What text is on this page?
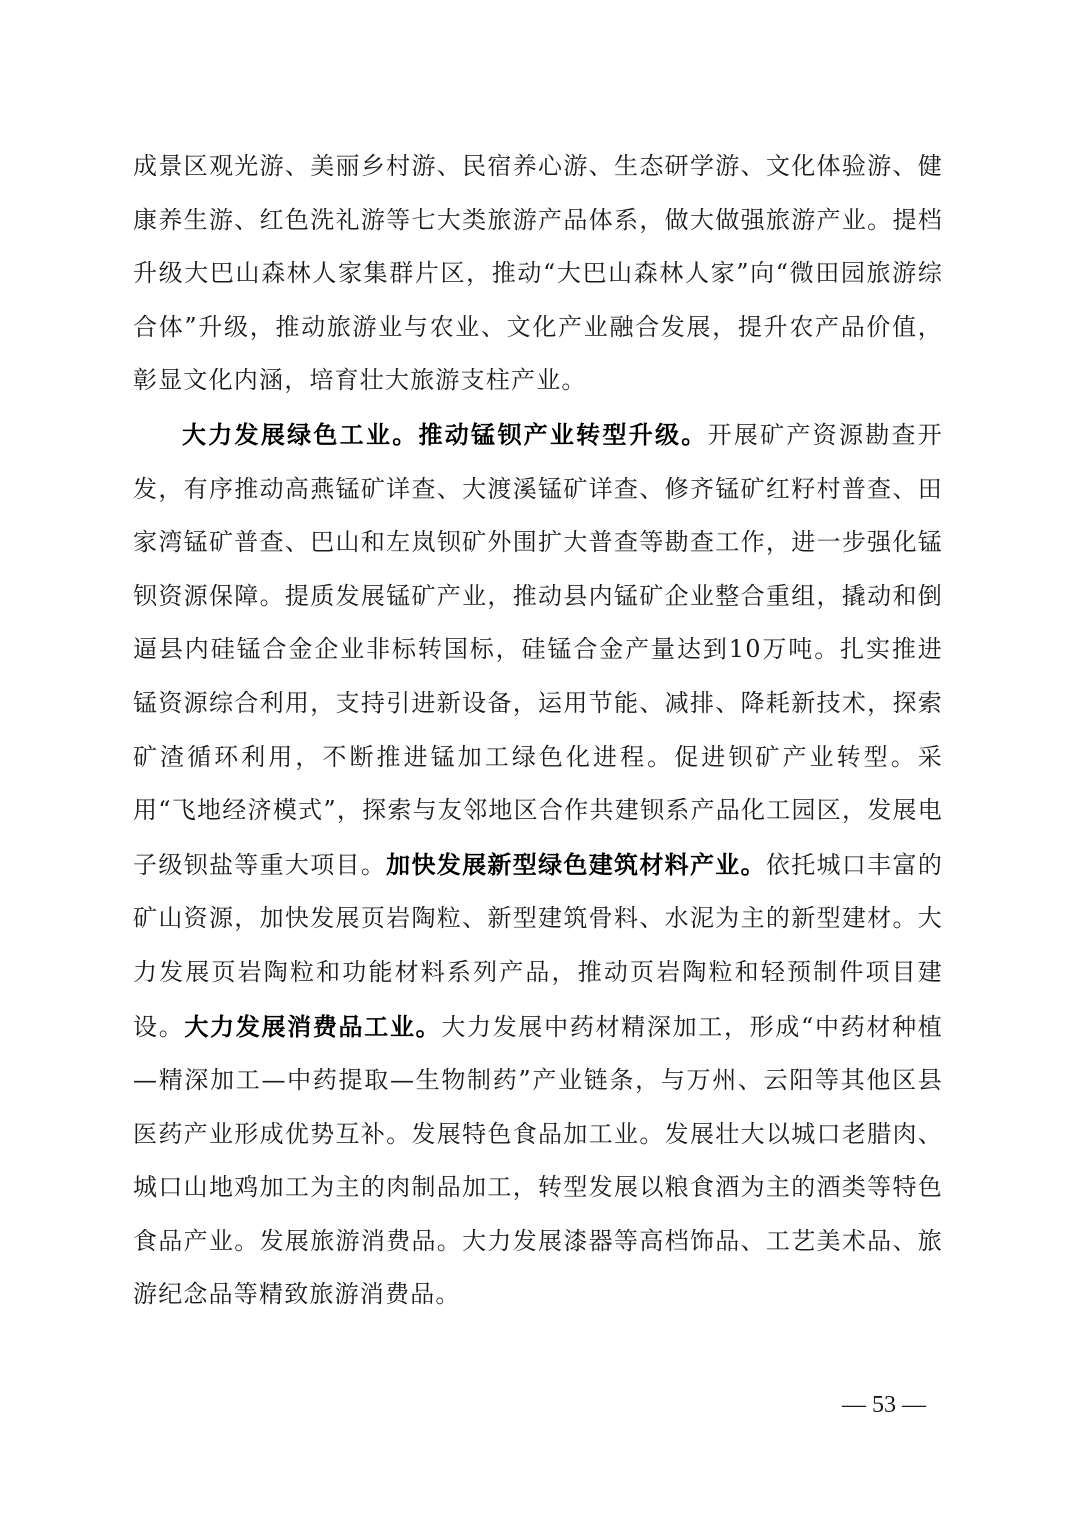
成景区观光游、美丽乡村游、民宿养心游、生态研学游、文化体验游、健康养生游、红色洗礼游等七大类旅游产品体系，做大做强旅游产业。提档升级大巴山森林人家集群片区，推动“大巴山森林人家”向“微田园旅游综合体”升级，推动旅游业与农业、文化产业融合发展，提升农产品价值，彰显文化内涵，培育壮大旅游支柱产业。

大力发展绿色工业。推动锰钡产业转型升级。开展矿产资源勘查开发，有序推动高燕锰矿详查、大渡溪锰矿详查、修齐锰矿红籽村普查、田家湾锰矿普查、巴山和左岚钡矿外围扩大普查等勘查工作，进一步强化锰钡资源保障。提质发展锰矿产业，推动县内锰矿企业整合重组，撬动和倒逼县内硅锰合金企业非标转国标，硅锰合金产量达到10万吨。扎实推进锰资源综合利用，支持引进新设备，运用节能、减排、降耗新技术，探索矿渣循环利用，不断推进锰加工绿色化进程。促进钡矿产业转型。采用“飞地经济模式”，探索与友邻地区合作共建钡系产品化工园区，发展电子级钡盐等重大项目。加快发展新型绿色建筑材料产业。依托城口丰富的矿山资源，加快发展页岩陶粒、新型建筑骨料、水泥为主的新型建材。大力发展页岩陶粒和功能材料系列产品，推动页岩陶粒和轻预制件项目建设。大力发展消费品工业。大力发展中药材精深加工，形成“中药材种植—精深加工—中药提取—生物制药”产业链条，与万州、云阳等其他区县医药产业形成优势互补。发展特色食品加工业。发展壮大以城口老腊肉、城口山地鸡加工为主的肉制品加工，转型发展以粮食酒为主的酒类等特色食品产业。发展旅游消费品。大力发展漆器等高档饰品、工艺美术品、旅游纪念品等精致旅游消费品。

— 53 —
